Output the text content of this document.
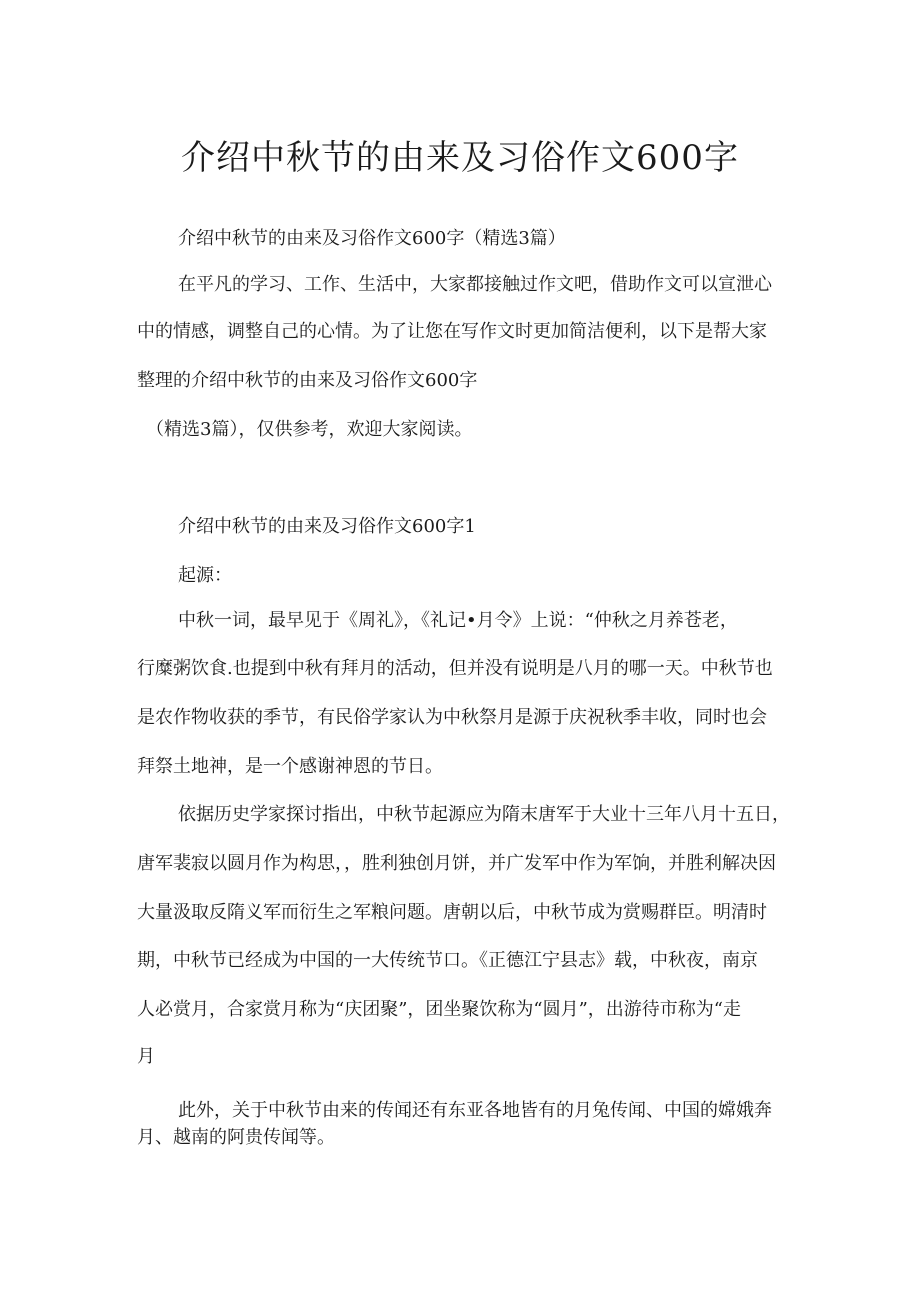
介绍中秋节的由来及习俗作文600字
介绍中秋节的由来及习俗作文600字（精选3篇）
在平凡的学习、工作、生活中，大家都接触过作文吧，借助作文可以宣泄心
中的情感，调整自己的心情。为了让您在写作文时更加简洁便利，以下是帮大家
整理的介绍中秋节的由来及习俗作文600字
（精选3篇），仅供参考，欢迎大家阅读。
介绍中秋节的由来及习俗作文600字1
起源：
中秋一词，最早见于《周礼》，《礼记•月令》上说：“仲秋之月养苍老，
行糜粥饮食.也提到中秋有拜月的活动，但并没有说明是八月的哪一天。中秋节也
是农作物收获的季节，有民俗学家认为中秋祭月是源于庆祝秋季丰收，同时也会
拜祭土地神，是一个感谢神恩的节日。
依据历史学家探讨指出，中秋节起源应为隋末唐军于大业十三年八月十五日，
唐军裴寂以圆月作为构思，，胜利独创月饼，并广发军中作为军饷，并胜利解决因
大量汲取反隋义军而衍生之军粮问题。唐朝以后，中秋节成为赏赐群臣。明清时
期，中秋节已经成为中国的一大传统节口。《正德江宁县志》载，中秋夜，南京
人必赏月，合家赏月称为“庆团聚”，团坐聚饮称为“圆月”，出游待市称为“走
月
此外，关于中秋节由来的传闻还有东亚各地皆有的月兔传闻、中国的嫦娥奔
月、越南的阿贵传闻等。
